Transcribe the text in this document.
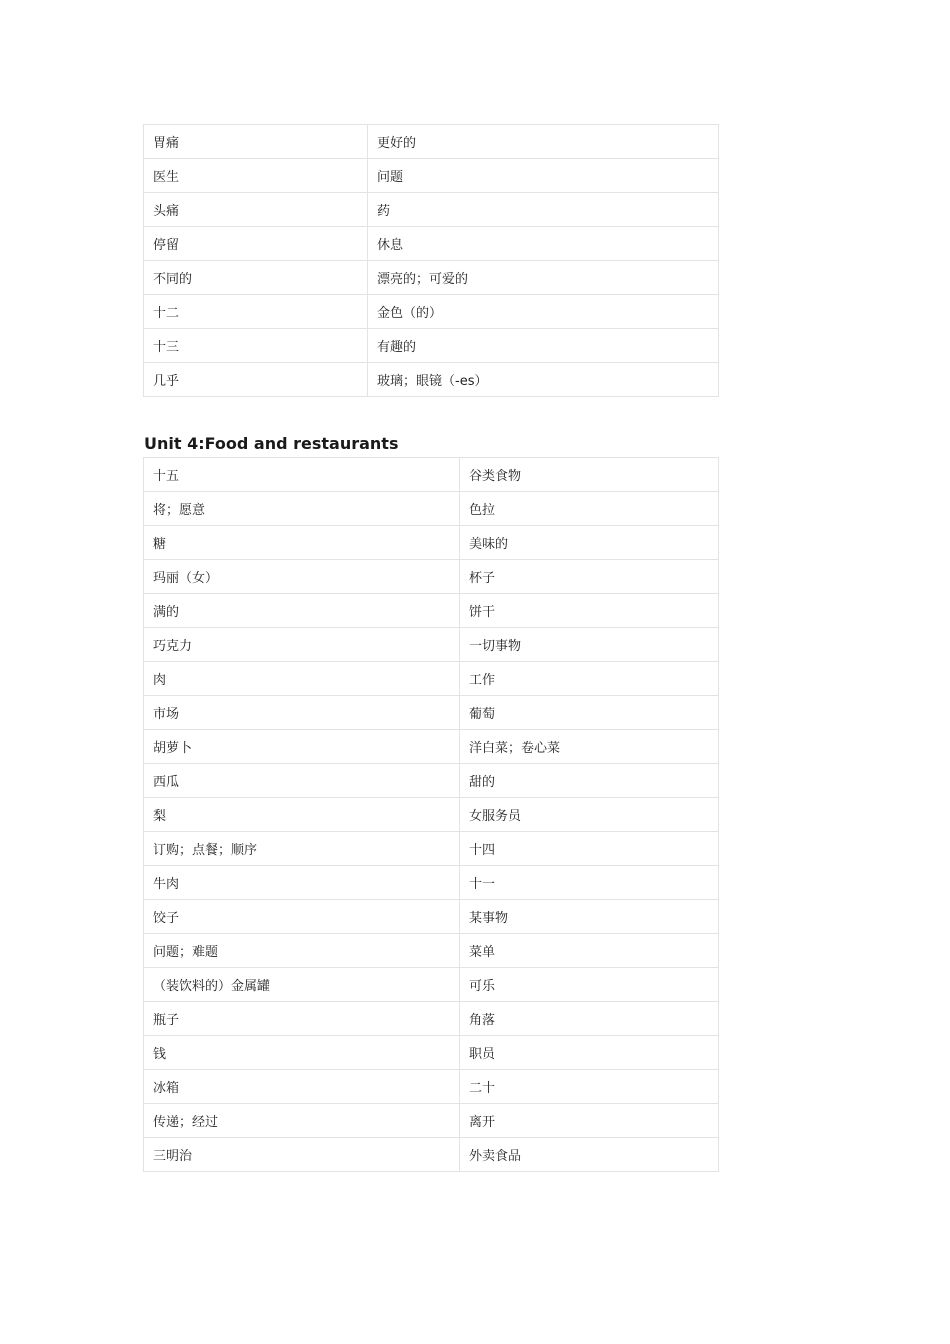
胃痛	更好的
医生	问题
头痛	药
停留	休息
不同的	漂亮的；可爱的
十二	金色（的）
十三	有趣的
几乎	玻璃；眼镜（-es）
Unit 4:Food and restaurants
十五	谷类食物
将；愿意	色拉
糖	美味的
玛丽（女）	杯子
满的	饼干
巧克力	一切事物
肉	工作
市场	葡萄
胡萝卜	洋白菜；卷心菜
西瓜	甜的
梨	女服务员
订购；点餐；顺序	十四
牛肉	十一
饺子	某事物
问题；难题	菜单
（装饮料的）金属罐	可乐
瓶子	角落
钱	职员
冰箱	二十
传递；经过	离开
三明治	外卖食品
